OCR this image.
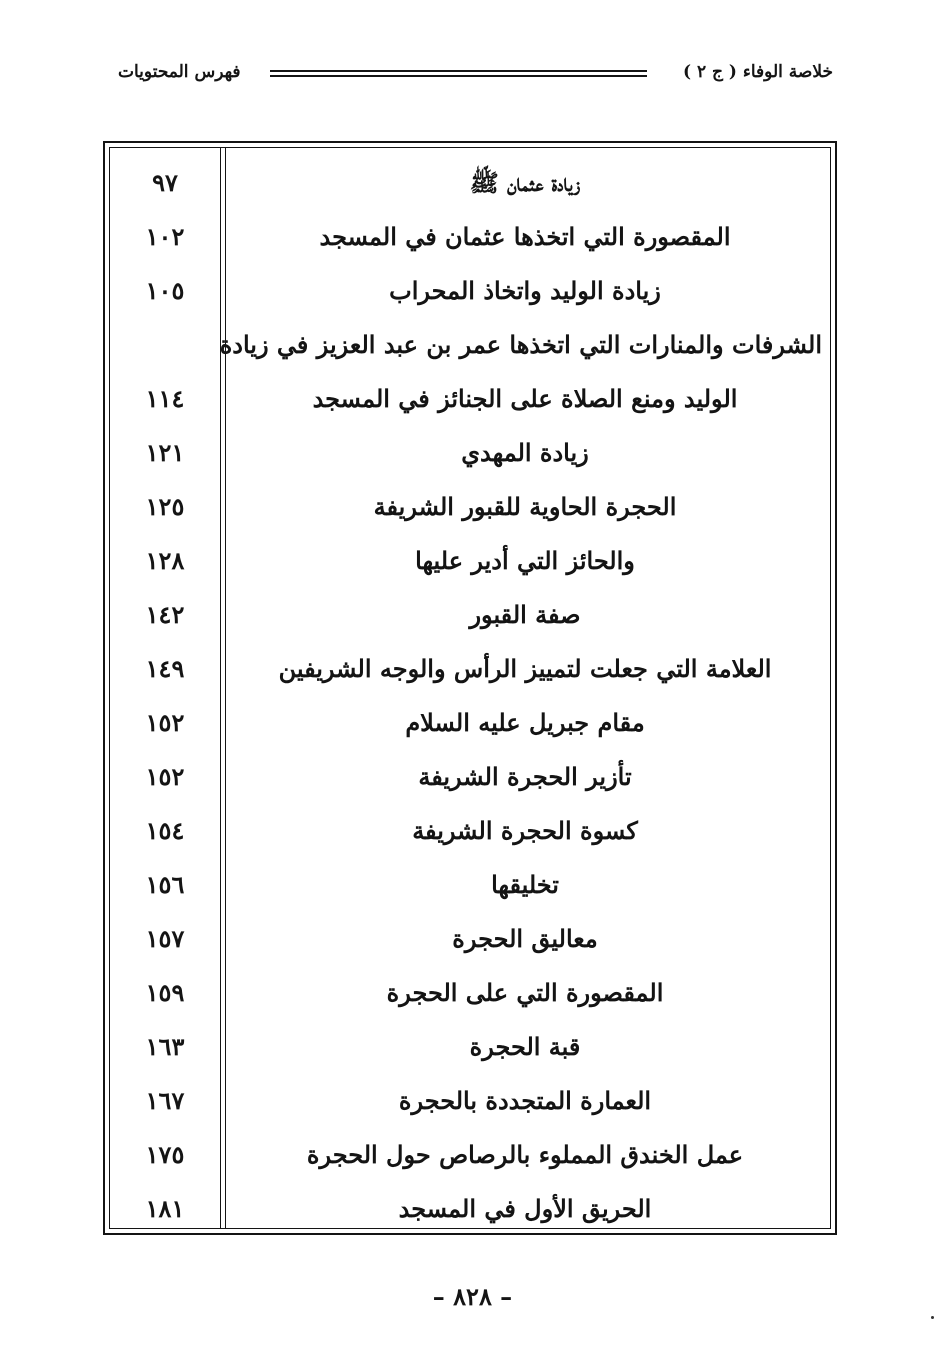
خلاصة الوفاء ( ج ٢ )
فهرس المحتويات
٩٧	زيادة عثمان ﷺ
١٠٢	المقصورة التي اتخذها عثمان في المسجد
١٠٥	زيادة الوليد واتخاذ المحراب
الشرفات والمنارات التي اتخذها عمر بن عبد العزيز في زيادة
١١٤	الوليد ومنع الصلاة على الجنائز في المسجد
١٢١	زيادة المهدي
١٢٥	الحجرة الحاوية للقبور الشريفة
١٢٨	والحائز التي أدير عليها
١٤٢	صفة القبور
١٤٩	العلامة التي جعلت لتمييز الرأس والوجه الشريفين
١٥٢	مقام جبريل عليه السلام
١٥٢	تأزير الحجرة الشريفة
١٥٤	كسوة الحجرة الشريفة
١٥٦	تخليقها
١٥٧	معاليق الحجرة
١٥٩	المقصورة التي على الحجرة
١٦٣	قبة الحجرة
١٦٧	العمارة المتجددة بالحجرة
١٧٥	عمل الخندق المملوء بالرصاص حول الحجرة
١٨١	الحريق الأول في المسجد
– ٨٢٨ –
